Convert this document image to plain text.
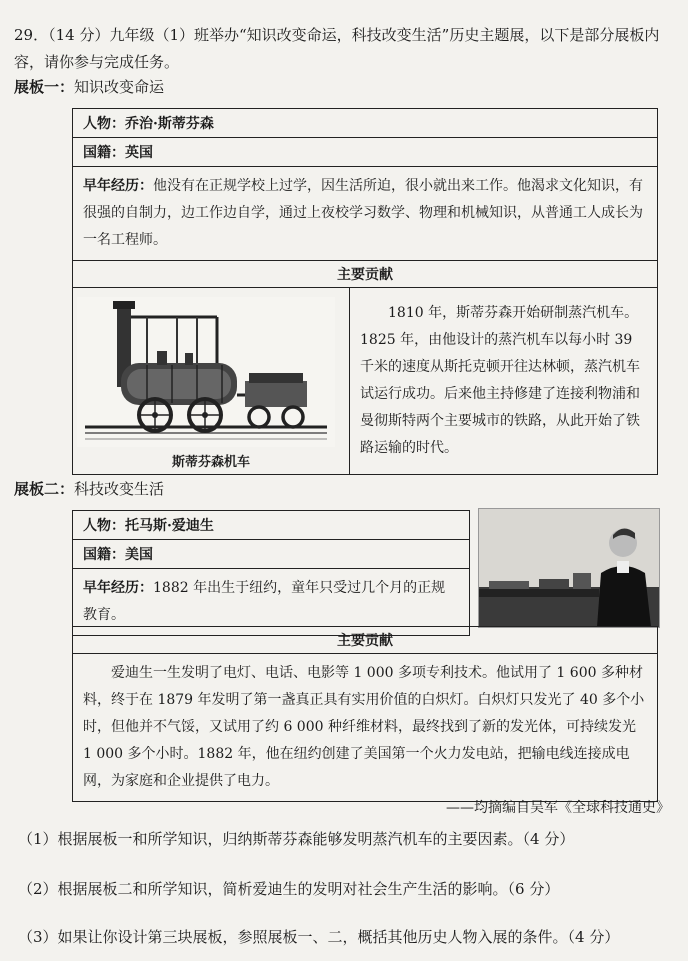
29．（14 分）九年级（1）班举办“知识改变命运，科技改变生活”历史主题展，以下是部分展板内容，请你参与完成任务。
展板一：知识改变命运
人物：乔治·斯蒂芬森
国籍：英国
早年经历：他没有在正规学校上过学，因生活所迫，很小就出来工作。他渴求文化知识，有很强的自制力，边工作边自学，通过上夜校学习数学、物理和机械知识，从普通工人成长为一名工程师。
主要贡献

斯蒂芬森机车
	1810 年，斯蒂芬森开始研制蒸汽机车。1825 年，由他设计的蒸汽机车以每小时 39 千米的速度从斯托克顿开往达林顿，蒸汽机车试运行成功。后来他主持修建了连接利物浦和曼彻斯特两个主要城市的铁路，从此开始了铁路运输的时代。
展板二：科技改变生活
人物：托马斯·爱迪生
国籍：美国
早年经历：1882 年出生于纽约，童年只受过几个月的正规教育。
主要贡献
爱迪生一生发明了电灯、电话、电影等 1 000 多项专利技术。他试用了 1 600 多种材料，终于在 1879 年发明了第一盏真正具有实用价值的白炽灯。白炽灯只发光了 40 多个小时，但他并不气馁，又试用了约 6 000 种纤维材料，最终找到了新的发光体，可持续发光 1 000 多个小时。1882 年，他在纽约创建了美国第一个火力发电站，把输电线连接成电网，为家庭和企业提供了电力。
——均摘编自吴军《全球科技通史》
（1）根据展板一和所学知识，归纳斯蒂芬森能够发明蒸汽机车的主要因素。（4 分）
（2）根据展板二和所学知识，简析爱迪生的发明对社会生产生活的影响。（6 分）
（3）如果让你设计第三块展板，参照展板一、二，概括其他历史人物入展的条件。（4 分）
